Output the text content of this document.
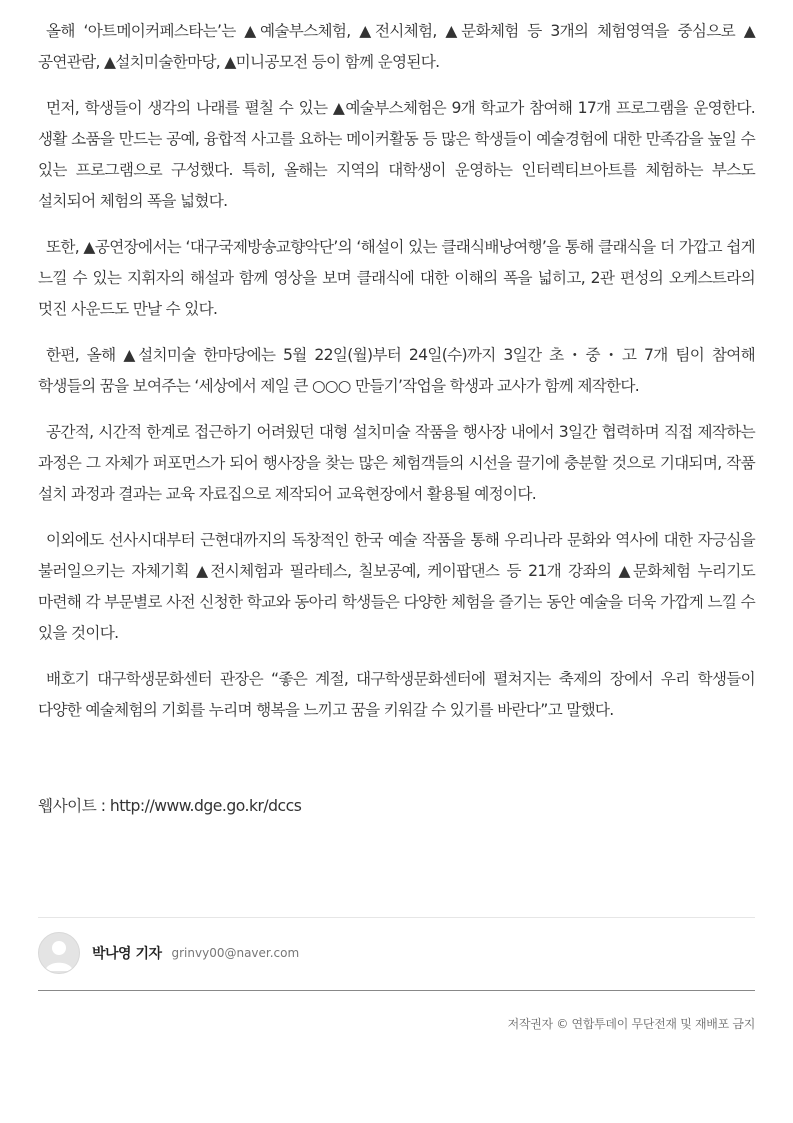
올해 ‘아트메이커페스타는’는 ▲예술부스체험, ▲전시체험, ▲문화체험 등 3개의 체험영역을 중심으로 ▲공연관람, ▲설치미술한마당, ▲미니공모전 등이 함께 운영된다.

먼저, 학생들이 생각의 나래를 펼칠 수 있는 ▲예술부스체험은 9개 학교가 참여해 17개 프로그램을 운영한다. 생활 소품을 만드는 공예, 융합적 사고를 요하는 메이커활동 등 많은 학생들이 예술경험에 대한 만족감을 높일 수 있는 프로그램으로 구성했다. 특히, 올해는 지역의 대학생이 운영하는 인터렉티브아트를 체험하는 부스도 설치되어 체험의 폭을 넓혔다.

또한, ▲공연장에서는 ‘대구국제방송교향악단’의 ‘해설이 있는 클래식배낭여행’을 통해 클래식을 더 가깝고 쉽게 느낄 수 있는 지휘자의 해설과 함께 영상을 보며 클래식에 대한 이해의 폭을 넓히고, 2관 편성의 오케스트라의 멋진 사운드도 만날 수 있다.

한편, 올해 ▲설치미술 한마당에는 5월 22일(월)부터 24일(수)까지 3일간 초・중・고 7개 팀이 참여해 학생들의 꿈을 보여주는 ‘세상에서 제일 큰 ○○○ 만들기’작업을 학생과 교사가 함께 제작한다.

공간적, 시간적 한계로 접근하기 어려웠던 대형 설치미술 작품을 행사장 내에서 3일간 협력하며 직접 제작하는 과정은 그 자체가 퍼포먼스가 되어 행사장을 찾는 많은 체험객들의 시선을 끌기에 충분할 것으로 기대되며, 작품 설치 과정과 결과는 교육 자료집으로 제작되어 교육현장에서 활용될 예정이다.

이외에도 선사시대부터 근현대까지의 독창적인 한국 예술 작품을 통해 우리나라 문화와 역사에 대한 자긍심을 불러일으키는 자체기획 ▲전시체험과 필라테스, 칠보공예, 케이팝댄스 등 21개 강좌의 ▲문화체험 누리기도 마련해 각 부문별로 사전 신청한 학교와 동아리 학생들은 다양한 체험을 즐기는 동안 예술을 더욱 가깝게 느낄 수 있을 것이다.

배호기 대구학생문화센터 관장은 “좋은 계절, 대구학생문화센터에 펼쳐지는 축제의 장에서 우리 학생들이 다양한 예술체험의 기회를 누리며 행복을 느끼고 꿈을 키워갈 수 있기를 바란다”고 말했다.

웹사이트 : http://www.dge.go.kr/dccs
박나영 기자 grinvy00@naver.com
저작권자 © 연합투데이 무단전재 및 재배포 금지
